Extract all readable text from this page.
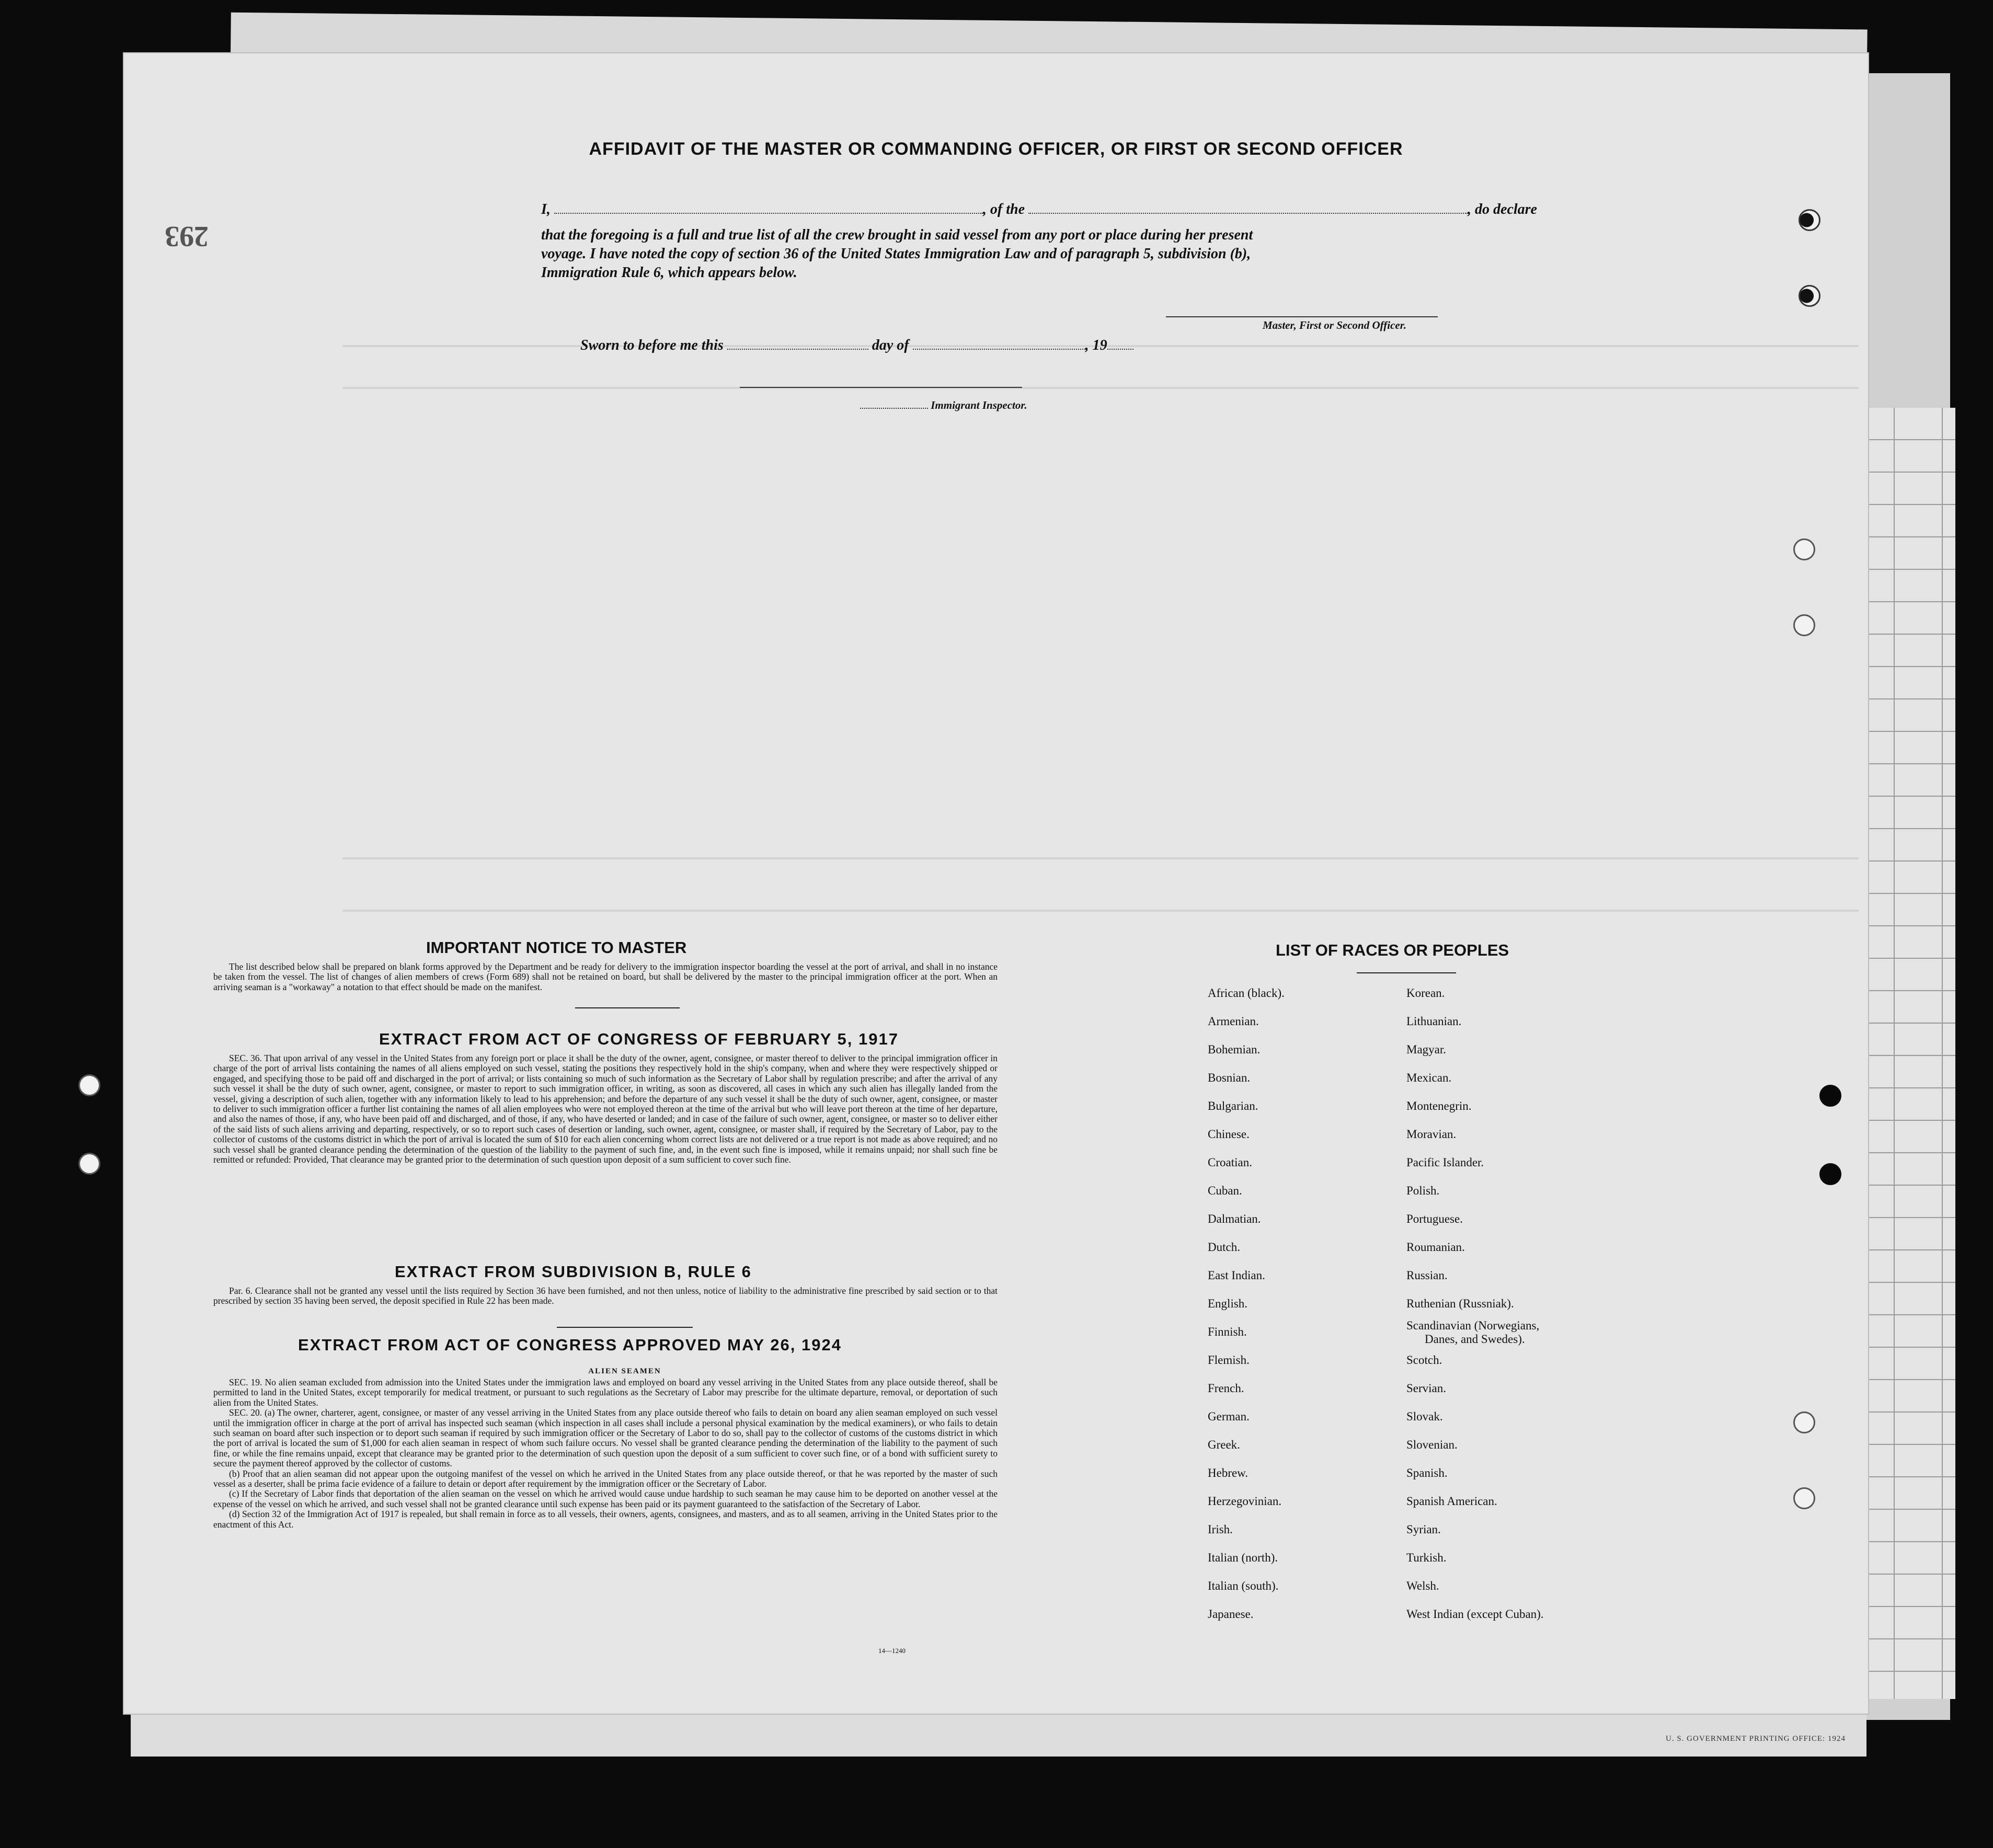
U. S. GOVERNMENT PRINTING OFFICE: 1924
293
AFFIDAVIT OF THE MASTER OR COMMANDING OFFICER, OR FIRST OR SECOND OFFICER
I,	, of the	, do declare
that the foregoing is a full and true list of all the crew brought in said vessel from any port or place during her present
voyage. I have noted the copy of section 36 of the United States Immigration Law and of paragraph 5, subdivision (b),
Immigration Rule 6, which appears below.
Master, First or Second Officer.
Sworn to before me this	day of	, 19
Immigrant Inspector.
IMPORTANT NOTICE TO MASTER

The list described below shall be prepared on blank forms approved by the Department and be ready for delivery to the immigration inspector boarding the vessel at the port of arrival, and shall in no instance be taken from the vessel. The list of changes of alien members of crews (Form 689) shall not be retained on board, but shall be delivered by the master to the principal immigration officer at the port. When an arriving seaman is a "workaway" a notation to that effect should be made on the manifest.

EXTRACT FROM ACT OF CONGRESS OF FEBRUARY 5, 1917

SEC. 36. That upon arrival of any vessel in the United States from any foreign port or place it shall be the duty of the owner, agent, consignee, or master thereof to deliver to the principal immigration officer in charge of the port of arrival lists containing the names of all aliens employed on such vessel, stating the positions they respectively hold in the ship's company, when and where they were respectively shipped or engaged, and specifying those to be paid off and discharged in the port of arrival; or lists containing so much of such information as the Secretary of Labor shall by regulation prescribe; and after the arrival of any such vessel it shall be the duty of such owner, agent, consignee, or master to report to such immigration officer, in writing, as soon as discovered, all cases in which any such alien has illegally landed from the vessel, giving a description of such alien, together with any information likely to lead to his apprehension; and before the departure of any such vessel it shall be the duty of such owner, agent, consignee, or master to deliver to such immigration officer a further list containing the names of all alien employees who were not employed thereon at the time of the arrival but who will leave port thereon at the time of her departure, and also the names of those, if any, who have been paid off and discharged, and of those, if any, who have deserted or landed; and in case of the failure of such owner, agent, consignee, or master so to deliver either of the said lists of such aliens arriving and departing, respectively, or so to report such cases of desertion or landing, such owner, agent, consignee, or master shall, if required by the Secretary of Labor, pay to the collector of customs of the customs district in which the port of arrival is located the sum of $10 for each alien concerning whom correct lists are not delivered or a true report is not made as above required; and no such vessel shall be granted clearance pending the determination of the question of the liability to the payment of such fine, and, in the event such fine is imposed, while it remains unpaid; nor shall such fine be remitted or refunded: Provided, That clearance may be granted prior to the determination of such question upon deposit of a sum sufficient to cover such fine.

EXTRACT FROM SUBDIVISION B, RULE 6

Par. 6. Clearance shall not be granted any vessel until the lists required by Section 36 have been furnished, and not then unless, notice of liability to the administrative fine prescribed by said section or to that prescribed by section 35 having been served, the deposit specified in Rule 22 has been made.

EXTRACT FROM ACT OF CONGRESS APPROVED MAY 26, 1924
ALIEN SEAMEN

SEC. 19. No alien seaman excluded from admission into the United States under the immigration laws and employed on board any vessel arriving in the United States from any place outside thereof, shall be permitted to land in the United States, except temporarily for medical treatment, or pursuant to such regulations as the Secretary of Labor may prescribe for the ultimate departure, removal, or deportation of such alien from the United States.

SEC. 20. (a) The owner, charterer, agent, consignee, or master of any vessel arriving in the United States from any place outside thereof who fails to detain on board any alien seaman employed on such vessel until the immigration officer in charge at the port of arrival has inspected such seaman (which inspection in all cases shall include a personal physical examination by the medical examiners), or who fails to detain such seaman on board after such inspection or to deport such seaman if required by such immigration officer or the Secretary of Labor to do so, shall pay to the collector of customs of the customs district in which the port of arrival is located the sum of $1,000 for each alien seaman in respect of whom such failure occurs. No vessel shall be granted clearance pending the determination of the liability to the payment of such fine, or while the fine remains unpaid, except that clearance may be granted prior to the determination of such question upon the deposit of a sum sufficient to cover such fine, or of a bond with sufficient surety to secure the payment thereof approved by the collector of customs.

(b) Proof that an alien seaman did not appear upon the outgoing manifest of the vessel on which he arrived in the United States from any place outside thereof, or that he was reported by the master of such vessel as a deserter, shall be prima facie evidence of a failure to detain or deport after requirement by the immigration officer or the Secretary of Labor.

(c) If the Secretary of Labor finds that deportation of the alien seaman on the vessel on which he arrived would cause undue hardship to such seaman he may cause him to be deported on another vessel at the expense of the vessel on which he arrived, and such vessel shall not be granted clearance until such expense has been paid or its payment guaranteed to the satisfaction of the Secretary of Labor.

(d) Section 32 of the Immigration Act of 1917 is repealed, but shall remain in force as to all vessels, their owners, agents, consignees, and masters, and as to all seamen, arriving in the United States prior to the enactment of this Act.

14—1240
LIST OF RACES OR PEOPLES
African (black).
Armenian.
Bohemian.
Bosnian.
Bulgarian.
Chinese.
Croatian.
Cuban.
Dalmatian.
Dutch.
East Indian.
English.
Finnish.
Flemish.
French.
German.
Greek.
Hebrew.
Herzegovinian.
Irish.
Italian (north).
Italian (south).
Japanese.
Korean.
Lithuanian.
Magyar.
Mexican.
Montenegrin.
Moravian.
Pacific Islander.
Polish.
Portuguese.
Roumanian.
Russian.
Ruthenian (Russniak).
Scandinavian (Norwegians,
Danes, and Swedes).
Scotch.
Servian.
Slovak.
Slovenian.
Spanish.
Spanish American.
Syrian.
Turkish.
Welsh.
West Indian (except Cuban).
